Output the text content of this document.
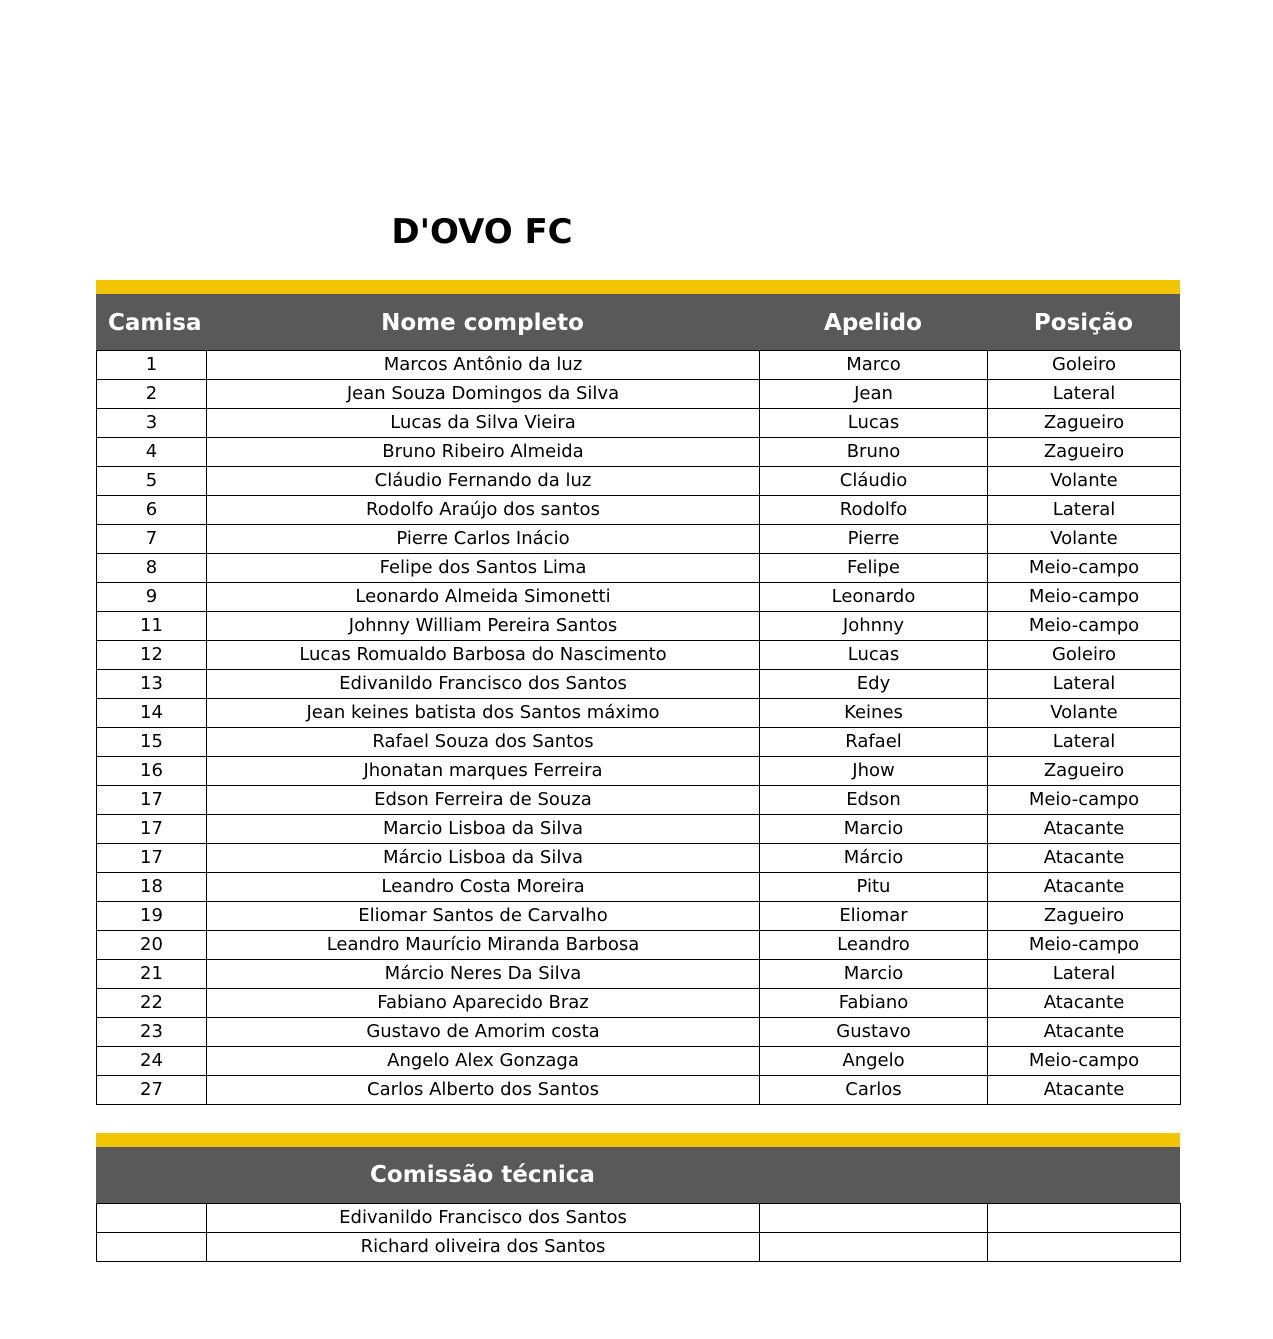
D'OVO FC
Camisa	Nome completo	Apelido	Posição
1	Marcos Antônio da luz	Marco	Goleiro
2	Jean Souza Domingos da Silva	Jean	Lateral
3	Lucas da Silva Vieira	Lucas	Zagueiro
4	Bruno Ribeiro Almeida	Bruno	Zagueiro
5	Cláudio Fernando da luz	Cláudio	Volante
6	Rodolfo Araújo dos santos	Rodolfo	Lateral
7	Pierre Carlos Inácio	Pierre	Volante
8	Felipe dos Santos Lima	Felipe	Meio-campo
9	Leonardo Almeida Simonetti	Leonardo	Meio-campo
11	Johnny William Pereira Santos	Johnny	Meio-campo
12	Lucas Romualdo Barbosa do Nascimento	Lucas	Goleiro
13	Edivanildo Francisco dos Santos	Edy	Lateral
14	Jean keines batista dos Santos máximo	Keines	Volante
15	Rafael Souza dos Santos	Rafael	Lateral
16	Jhonatan marques Ferreira	Jhow	Zagueiro
17	Edson Ferreira de Souza	Edson	Meio-campo
17	Marcio Lisboa da Silva	Marcio	Atacante
17	Márcio Lisboa da Silva	Márcio	Atacante
18	Leandro Costa Moreira	Pitu	Atacante
19	Eliomar Santos de Carvalho	Eliomar	Zagueiro
20	Leandro Maurício Miranda Barbosa	Leandro	Meio-campo
21	Márcio Neres Da Silva	Marcio	Lateral
22	Fabiano Aparecido Braz	Fabiano	Atacante
23	Gustavo de Amorim costa	Gustavo	Atacante
24	Angelo Alex Gonzaga	Angelo	Meio-campo
27	Carlos Alberto dos Santos	Carlos	Atacante
Comissão técnica
	Edivanildo Francisco dos Santos		
	Richard oliveira dos Santos		
